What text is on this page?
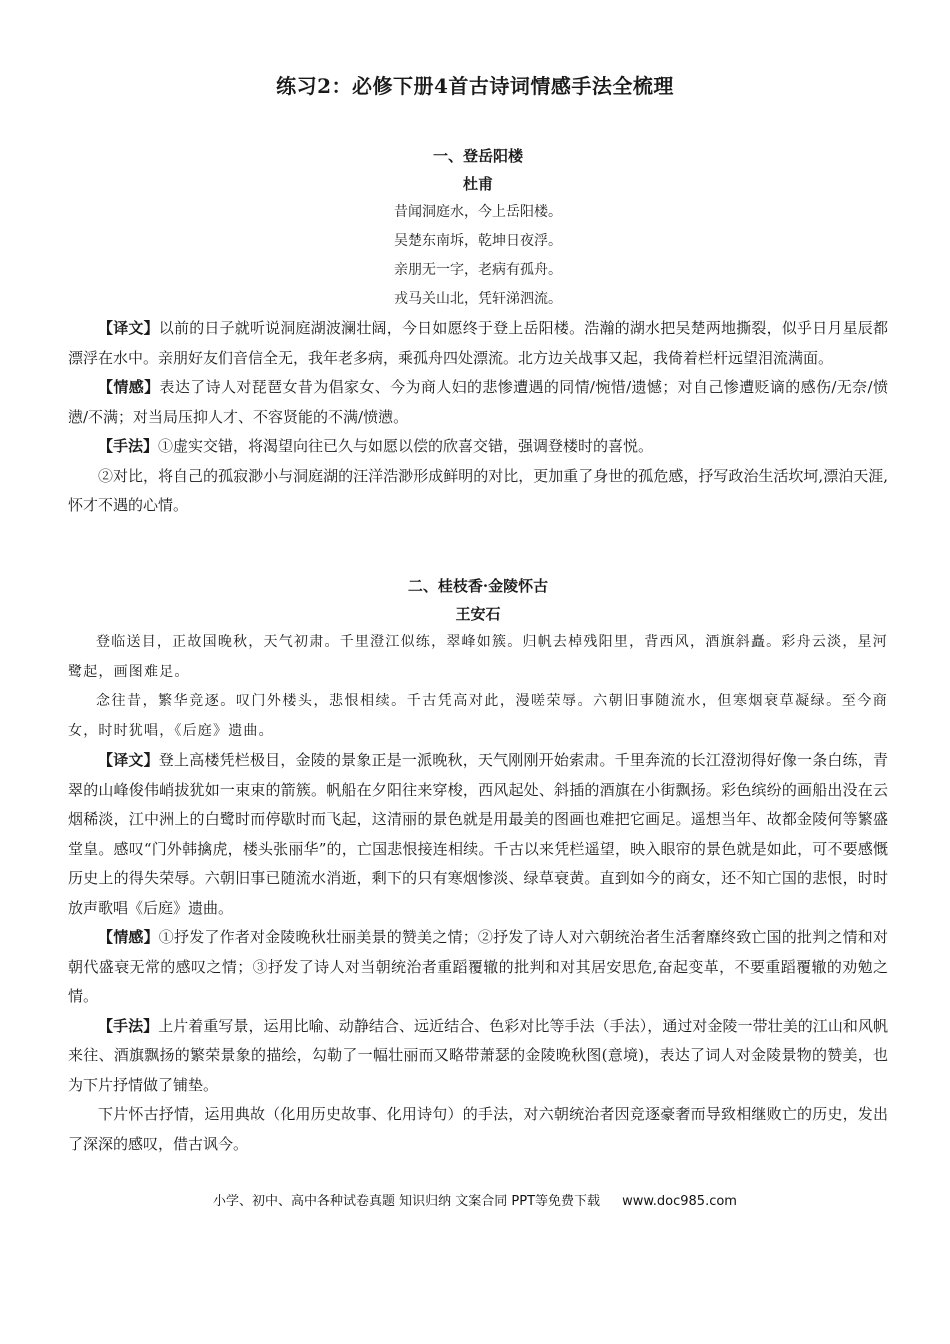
练习2：必修下册4首古诗词情感手法全梳理
一、登岳阳楼
杜甫
昔闻洞庭水，今上岳阳楼。
吴楚东南坼，乾坤日夜浮。
亲朋无一字，老病有孤舟。
戎马关山北，凭轩涕泗流。
【译文】以前的日子就听说洞庭湖波澜壮阔，今日如愿终于登上岳阳楼。浩瀚的湖水把吴楚两地撕裂，似乎日月星辰都漂浮在水中。亲朋好友们音信全无，我年老多病，乘孤舟四处漂流。北方边关战事又起，我倚着栏杆远望泪流满面。
【情感】表达了诗人对琵琶女昔为倡家女、今为商人妇的悲惨遭遇的同情/惋惜/遗憾；对自己惨遭贬谪的感伤/无奈/愤懑/不满；对当局压抑人才、不容贤能的不满/愤懑。
【手法】①虚实交错，将渴望向往已久与如愿以偿的欣喜交错，强调登楼时的喜悦。
②对比，将自己的孤寂渺小与洞庭湖的汪洋浩渺形成鲜明的对比，更加重了身世的孤危感，抒写政治生活坎坷,漂泊天涯,怀才不遇的心情。
二、桂枝香·金陵怀古
王安石
登临送目，正故国晚秋，天气初肃。千里澄江似练，翠峰如簇。归帆去棹残阳里，背西风，酒旗斜矗。彩舟云淡，星河鹭起，画图难足。
念往昔，繁华竞逐。叹门外楼头，悲恨相续。千古凭高对此，漫嗟荣辱。六朝旧事随流水，但寒烟衰草凝绿。至今商女，时时犹唱，《后庭》遗曲。
【译文】登上高楼凭栏极目，金陵的景象正是一派晚秋，天气刚刚开始索肃。千里奔流的长江澄沏得好像一条白练，青翠的山峰俊伟峭拔犹如一束束的箭簇。帆船在夕阳往来穿梭，西风起处、斜插的酒旗在小街飘扬。彩色缤纷的画船出没在云烟稀淡，江中洲上的白鹭时而停歇时而飞起，这清丽的景色就是用最美的图画也难把它画足。遥想当年、故都金陵何等繁盛堂皇。感叹“门外韩擒虎，楼头张丽华”的，亡国悲恨接连相续。千古以来凭栏遥望，映入眼帘的景色就是如此，可不要感慨历史上的得失荣辱。六朝旧事已随流水消逝，剩下的只有寒烟惨淡、绿草衰黄。直到如今的商女，还不知亡国的悲恨，时时放声歌唱《后庭》遗曲。
【情感】①抒发了作者对金陵晚秋壮丽美景的赞美之情；②抒发了诗人对六朝统治者生活奢靡终致亡国的批判之情和对朝代盛衰无常的感叹之情；③抒发了诗人对当朝统治者重蹈覆辙的批判和对其居安思危,奋起变革，不要重蹈覆辙的劝勉之情。
【手法】上片着重写景，运用比喻、动静结合、远近结合、色彩对比等手法（手法），通过对金陵一带壮美的江山和风帆来往、酒旗飘扬的繁荣景象的描绘，勾勒了一幅壮丽而又略带萧瑟的金陵晚秋图(意境)，表达了词人对金陵景物的赞美，也为下片抒情做了铺垫。
下片怀古抒情，运用典故（化用历史故事、化用诗句）的手法，对六朝统治者因竞逐豪奢而导致相继败亡的历史，发出了深深的感叹，借古讽今。
小学、初中、高中各种试卷真题 知识归纳 文案合同 PPT等免费下载 www.doc985.com
